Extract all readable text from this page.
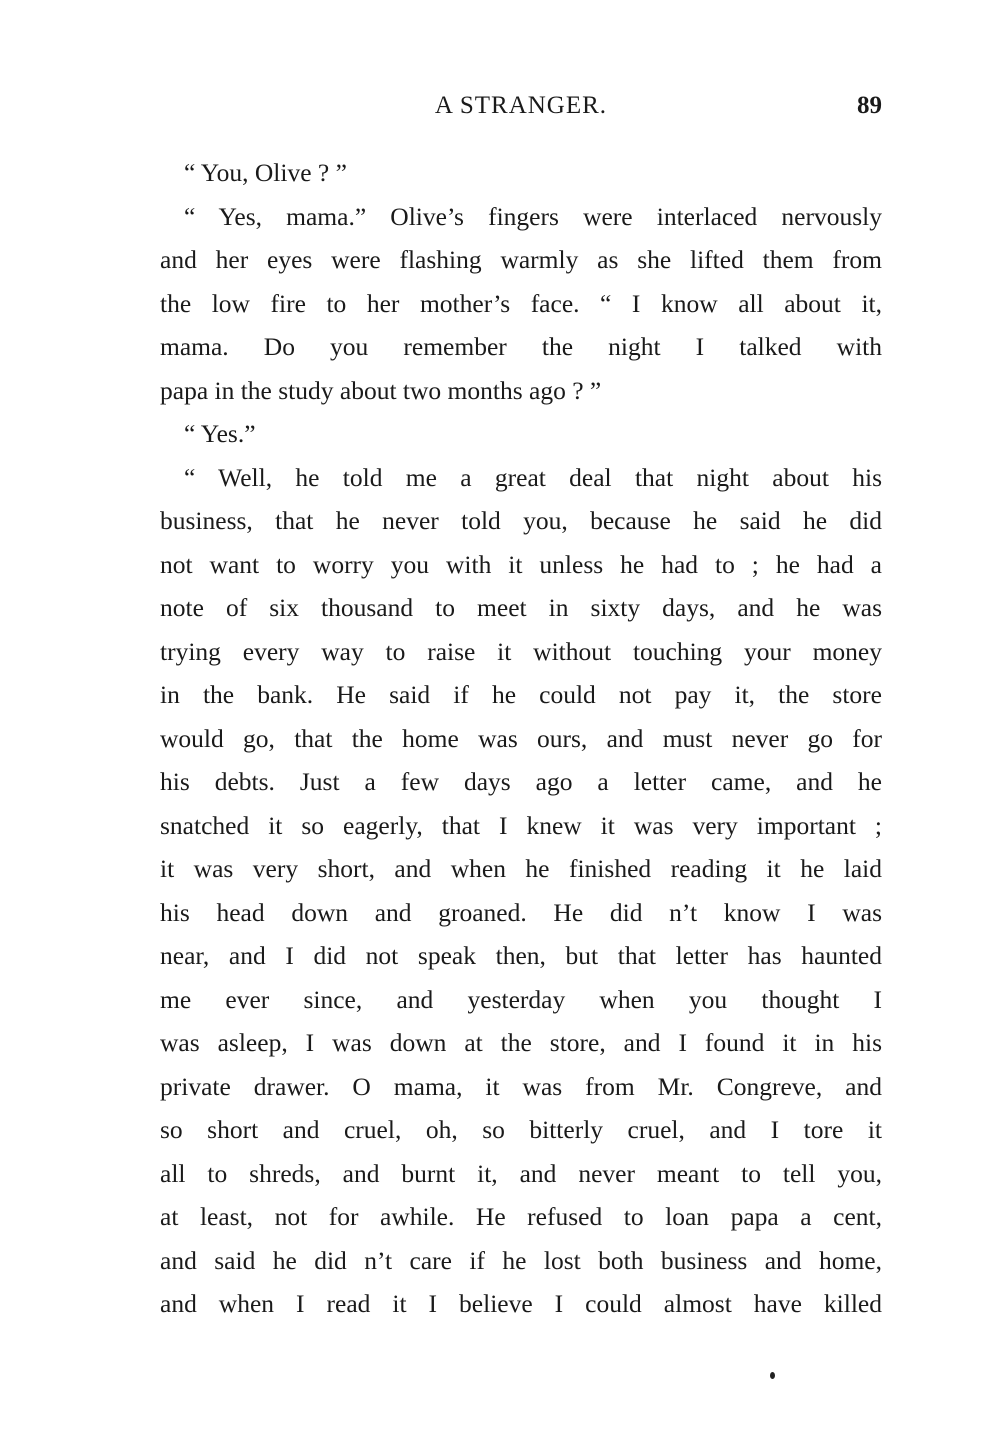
A STRANGER.	89
“ You, Olive ? ”
“ Yes, mama.” Olive’s fingers were interlaced nervously
and her eyes were flashing warmly as she lifted them from
the low fire to her mother’s face. “ I know all about it,
mama. Do you remember the night I talked with
papa in the study about two months ago ? ”
“ Yes.”
“ Well, he told me a great deal that night about his
business, that he never told you, because he said he did
not want to worry you with it unless he had to ; he had a
note of six thousand to meet in sixty days, and he was
trying every way to raise it without touching your money
in the bank. He said if he could not pay it, the store
would go, that the home was ours, and must never go for
his debts. Just a few days ago a letter came, and he
snatched it so eagerly, that I knew it was very important ;
it was very short, and when he finished reading it he laid
his head down and groaned. He did n’t know I was
near, and I did not speak then, but that letter has haunted
me ever since, and yesterday when you thought I
was asleep, I was down at the store, and I found it in his
private drawer. O mama, it was from Mr. Congreve, and
so short and cruel, oh, so bitterly cruel, and I tore it
all to shreds, and burnt it, and never meant to tell you,
at least, not for awhile. He refused to loan papa a cent,
and said he did n’t care if he lost both business and home,
and when I read it I believe I could almost have killed
